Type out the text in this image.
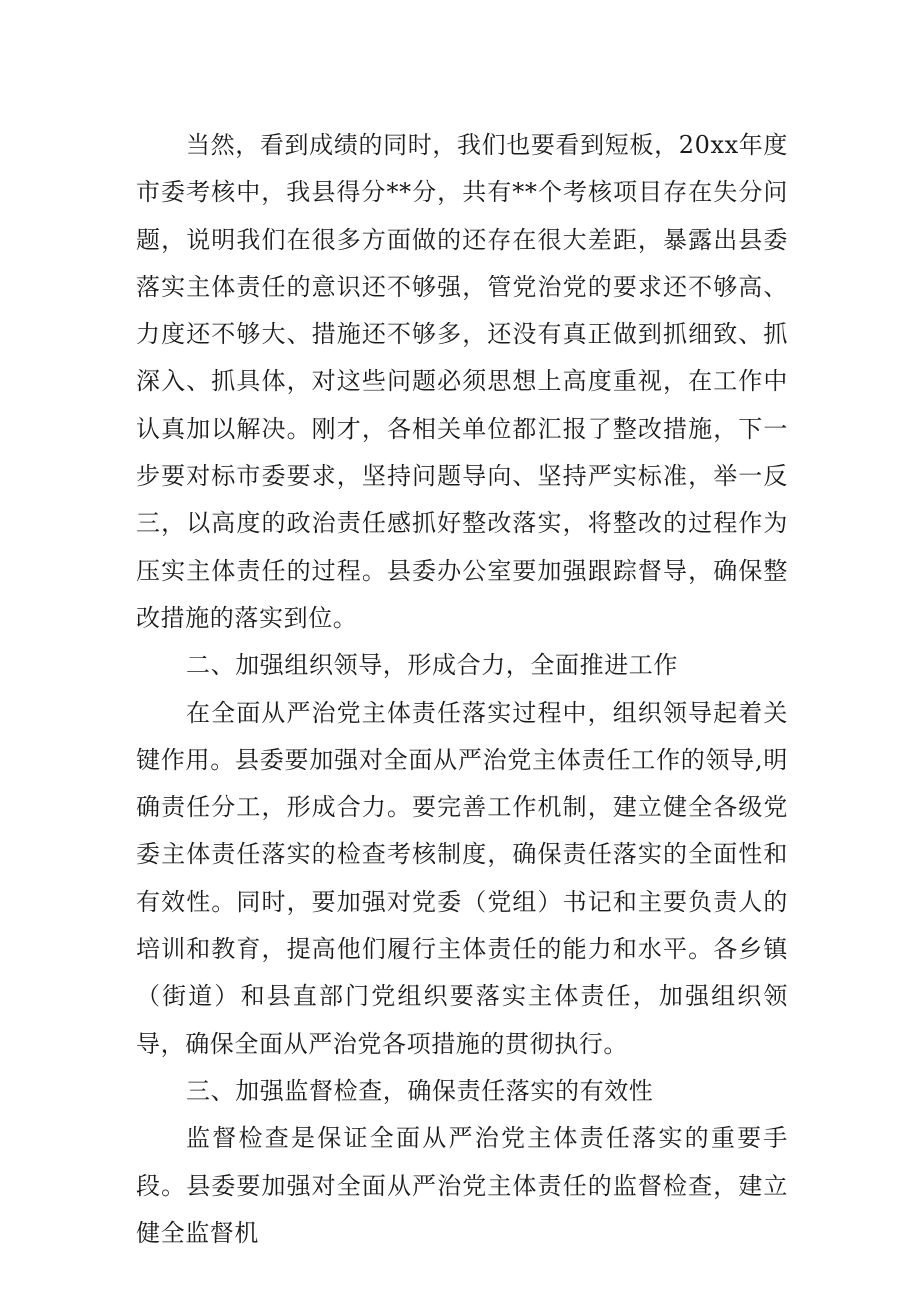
当然，看到成绩的同时，我们也要看到短板，20xx年度市委考核中，我县得分**分，共有**个考核项目存在失分问题，说明我们在很多方面做的还存在很大差距，暴露出县委落实主体责任的意识还不够强，管党治党的要求还不够高、力度还不够大、措施还不够多，还没有真正做到抓细致、抓深入、抓具体，对这些问题必须思想上高度重视，在工作中认真加以解决。刚才，各相关单位都汇报了整改措施，下一步要对标市委要求，坚持问题导向、坚持严实标准，举一反三，以高度的政治责任感抓好整改落实，将整改的过程作为压实主体责任的过程。县委办公室要加强跟踪督导，确保整改措施的落实到位。

二、加强组织领导，形成合力，全面推进工作

在全面从严治党主体责任落实过程中，组织领导起着关键作用。县委要加强对全面从严治党主体责任工作的领导,明确责任分工，形成合力。要完善工作机制，建立健全各级党委主体责任落实的检查考核制度，确保责任落实的全面性和有效性。同时，要加强对党委（党组）书记和主要负责人的培训和教育，提高他们履行主体责任的能力和水平。各乡镇（街道）和县直部门党组织要落实主体责任，加强组织领导，确保全面从严治党各项措施的贯彻执行。

三、加强监督检查，确保责任落实的有效性

监督检查是保证全面从严治党主体责任落实的重要手段。县委要加强对全面从严治党主体责任的监督检查，建立健全监督机
